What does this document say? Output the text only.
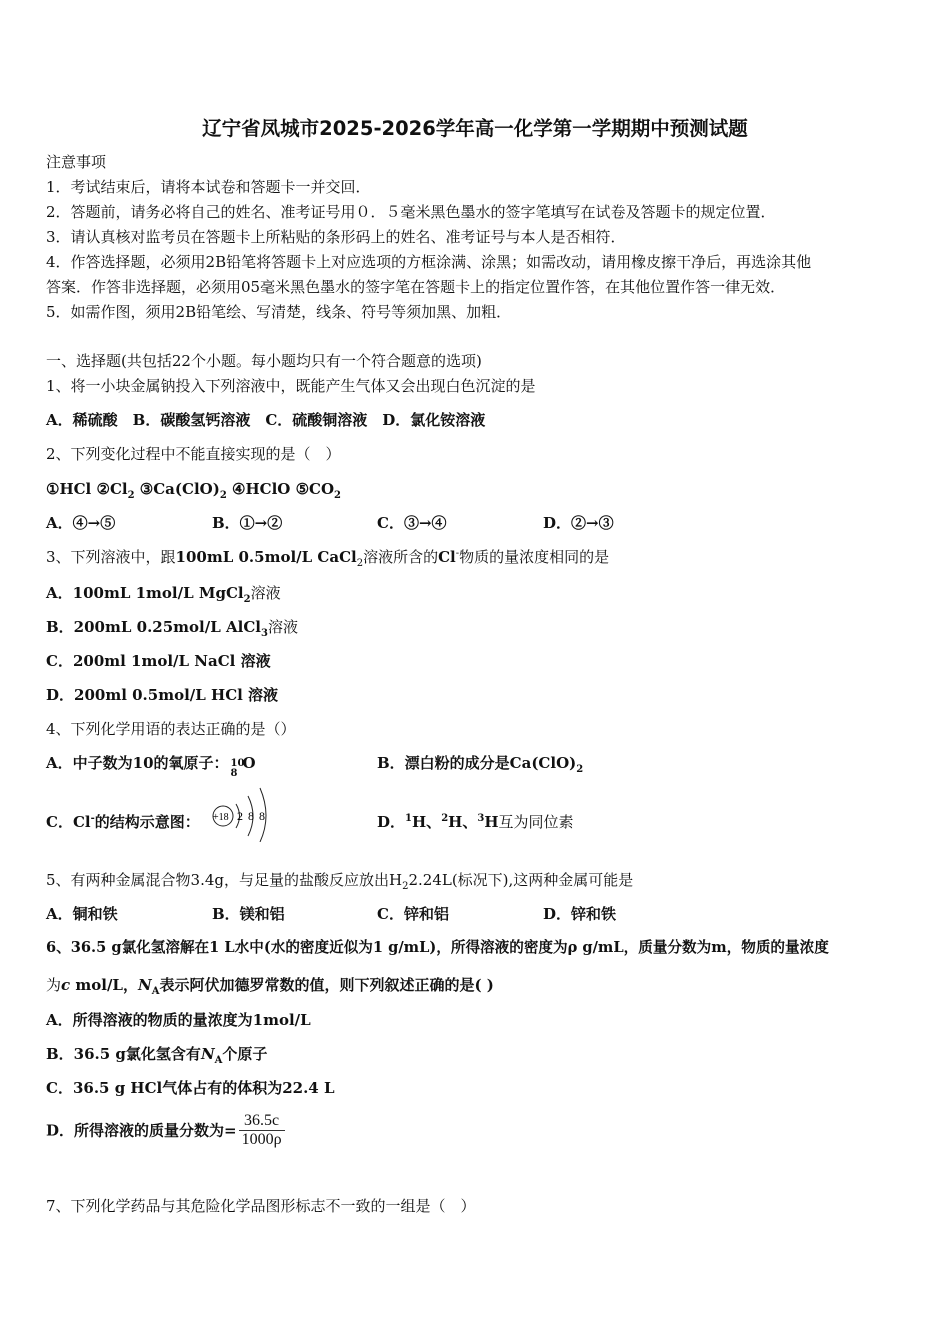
辽宁省凤城市2025-2026学年高一化学第一学期期中预测试题
注意事项
1．考试结束后，请将本试卷和答题卡一并交回．
2．答题前，请务必将自己的姓名、准考证号用０．５毫米黑色墨水的签字笔填写在试卷及答题卡的规定位置．
3．请认真核对监考员在答题卡上所粘贴的条形码上的姓名、准考证号与本人是否相符．
4．作答选择题，必须用2B铅笔将答题卡上对应选项的方框涂满、涂黑；如需改动，请用橡皮擦干净后，再选涂其他
答案．作答非选择题，必须用05毫米黑色墨水的签字笔在答题卡上的指定位置作答，在其他位置作答一律无效．
5．如需作图，须用2B铅笔绘、写清楚，线条、符号等须加黑、加粗．
一、选择题(共包括22个小题。每小题均只有一个符合题意的选项)
1、将一小块金属钠投入下列溶液中，既能产生气体又会出现白色沉淀的是
A．稀硫酸　B．碳酸氢钙溶液　C．硫酸铜溶液　D．氯化铵溶液
2、下列变化过程中不能直接实现的是（　）
①HCl $②Cl_2$ $③Ca(ClO)_2$ ④HClO $⑤CO_2$
A．④→⑤	B．①→②	C．③→④	D．②→③
3、下列溶液中，跟100mL 0.5mol/L CaCl$_2$溶液所含的Cl-物质的量浓度相同的是
A．100mL 1mol/L MgCl$_2$溶液
B．200mL 0.25mol/L AlCl$_3$溶液
C．200ml 1mol/L NaCl 溶液
D．200ml 0.5mol/L HCl 溶液
4、下列化学用语的表达正确的是（）
A．中子数为10的氧原子： 10
8
O	B．漂白粉的成分是$Ca(ClO)_2$
C．Cl-的结构示意图： +18 2 8 8	D．$^1$H、$^2$H、$^3$H互为同位素
5、有两种金属混合物3.4g，与足量的盐酸反应放出$H_22.24L$(标况下),这两种金属可能是
A．铜和铁	B．镁和铝	C．锌和铝	D．锌和铁
6、36.5 g氯化氢溶解在1 L水中(水的密度近似为1 g/mL)，所得溶液的密度为ρ g/mL，质量分数为m，物质的量浓度
为c mol/L，$N_A$表示阿伏加德罗常数的值，则下列叙述正确的是( )
A．所得溶液的物质的量浓度为1mol/L
B．36.5 g氯化氢含有$N_A$个原子
C．36.5 g HCl气体占有的体积为22.4 L
D．所得溶液的质量分数为= $\frac{36.5c}{1000\rho}$
7、下列化学药品与其危险化学品图形标志不一致的一组是（　）
